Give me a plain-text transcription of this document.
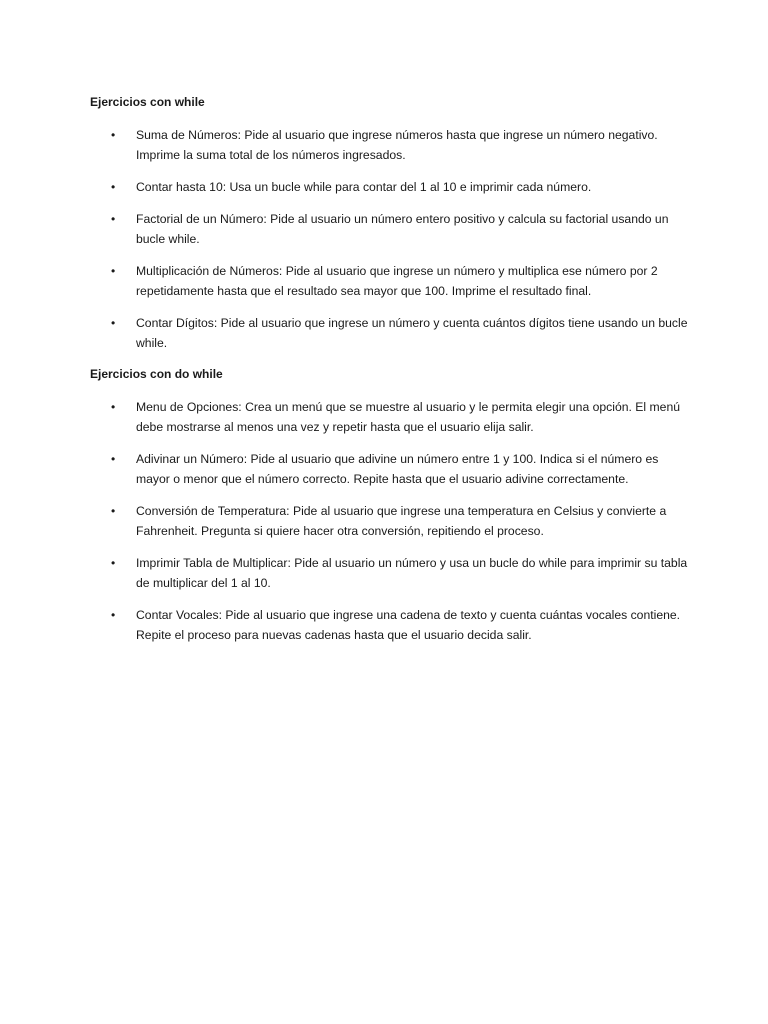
Ejercicios con while
• Suma de Números: Pide al usuario que ingrese números hasta que ingrese un número negativo. Imprime la suma total de los números ingresados.
• Contar hasta 10: Usa un bucle while para contar del 1 al 10 e imprimir cada número.
• Factorial de un Número: Pide al usuario un número entero positivo y calcula su factorial usando un bucle while.
• Multiplicación de Números: Pide al usuario que ingrese un número y multiplica ese número por 2 repetidamente hasta que el resultado sea mayor que 100. Imprime el resultado final.
• Contar Dígitos: Pide al usuario que ingrese un número y cuenta cuántos dígitos tiene usando un bucle while.
Ejercicios con do while
• Menu de Opciones: Crea un menú que se muestre al usuario y le permita elegir una opción. El menú debe mostrarse al menos una vez y repetir hasta que el usuario elija salir.
• Adivinar un Número: Pide al usuario que adivine un número entre 1 y 100. Indica si el número es mayor o menor que el número correcto. Repite hasta que el usuario adivine correctamente.
• Conversión de Temperatura: Pide al usuario que ingrese una temperatura en Celsius y convierte a Fahrenheit. Pregunta si quiere hacer otra conversión, repitiendo el proceso.
• Imprimir Tabla de Multiplicar: Pide al usuario un número y usa un bucle do while para imprimir su tabla de multiplicar del 1 al 10.
• Contar Vocales: Pide al usuario que ingrese una cadena de texto y cuenta cuántas vocales contiene. Repite el proceso para nuevas cadenas hasta que el usuario decida salir.
